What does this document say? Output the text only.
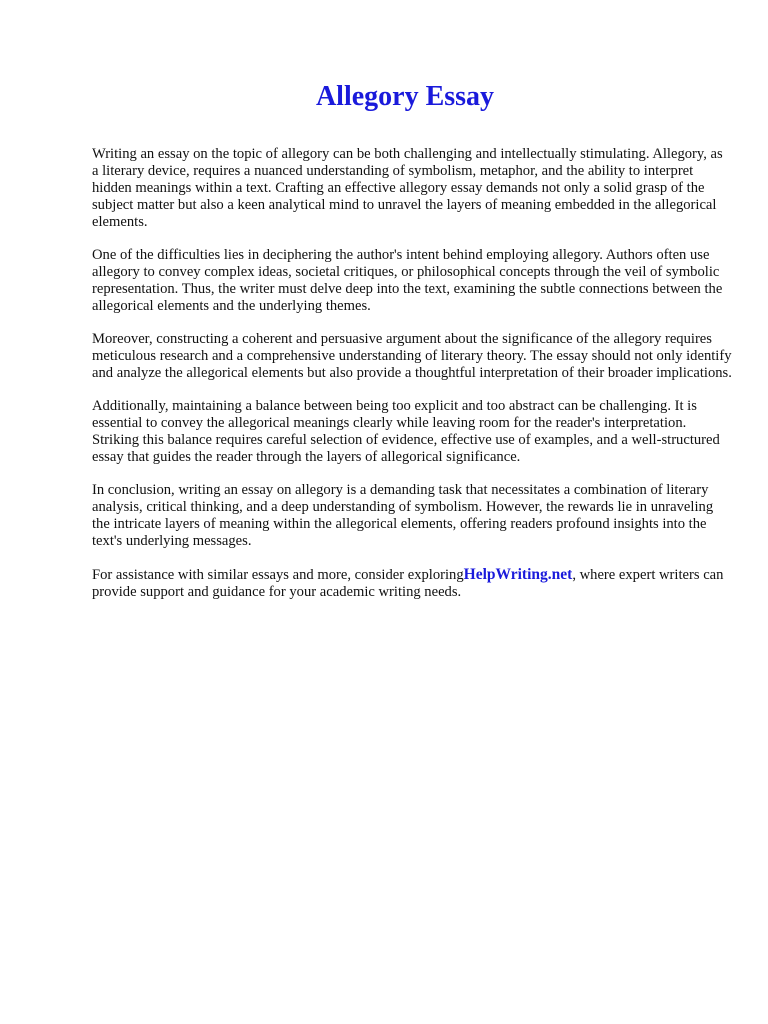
Allegory Essay

Writing an essay on the topic of allegory can be both challenging and intellectually stimulating. Allegory, as a literary device, requires a nuanced understanding of symbolism, metaphor, and the ability to interpret hidden meanings within a text. Crafting an effective allegory essay demands not only a solid grasp of the subject matter but also a keen analytical mind to unravel the layers of meaning embedded in the allegorical elements.

One of the difficulties lies in deciphering the author's intent behind employing allegory. Authors often use allegory to convey complex ideas, societal critiques, or philosophical concepts through the veil of symbolic representation. Thus, the writer must delve deep into the text, examining the subtle connections between the allegorical elements and the underlying themes.

Moreover, constructing a coherent and persuasive argument about the significance of the allegory requires meticulous research and a comprehensive understanding of literary theory. The essay should not only identify and analyze the allegorical elements but also provide a thoughtful interpretation of their broader implications.

Additionally, maintaining a balance between being too explicit and too abstract can be challenging. It is essential to convey the allegorical meanings clearly while leaving room for the reader's interpretation. Striking this balance requires careful selection of evidence, effective use of examples, and a well-structured essay that guides the reader through the layers of allegorical significance.

In conclusion, writing an essay on allegory is a demanding task that necessitates a combination of literary analysis, critical thinking, and a deep understanding of symbolism. However, the rewards lie in unraveling the intricate layers of meaning within the allegorical elements, offering readers profound insights into the text's underlying messages.

For assistance with similar essays and more, consider exploringHelpWriting.net, where expert writers can provide support and guidance for your academic writing needs.
